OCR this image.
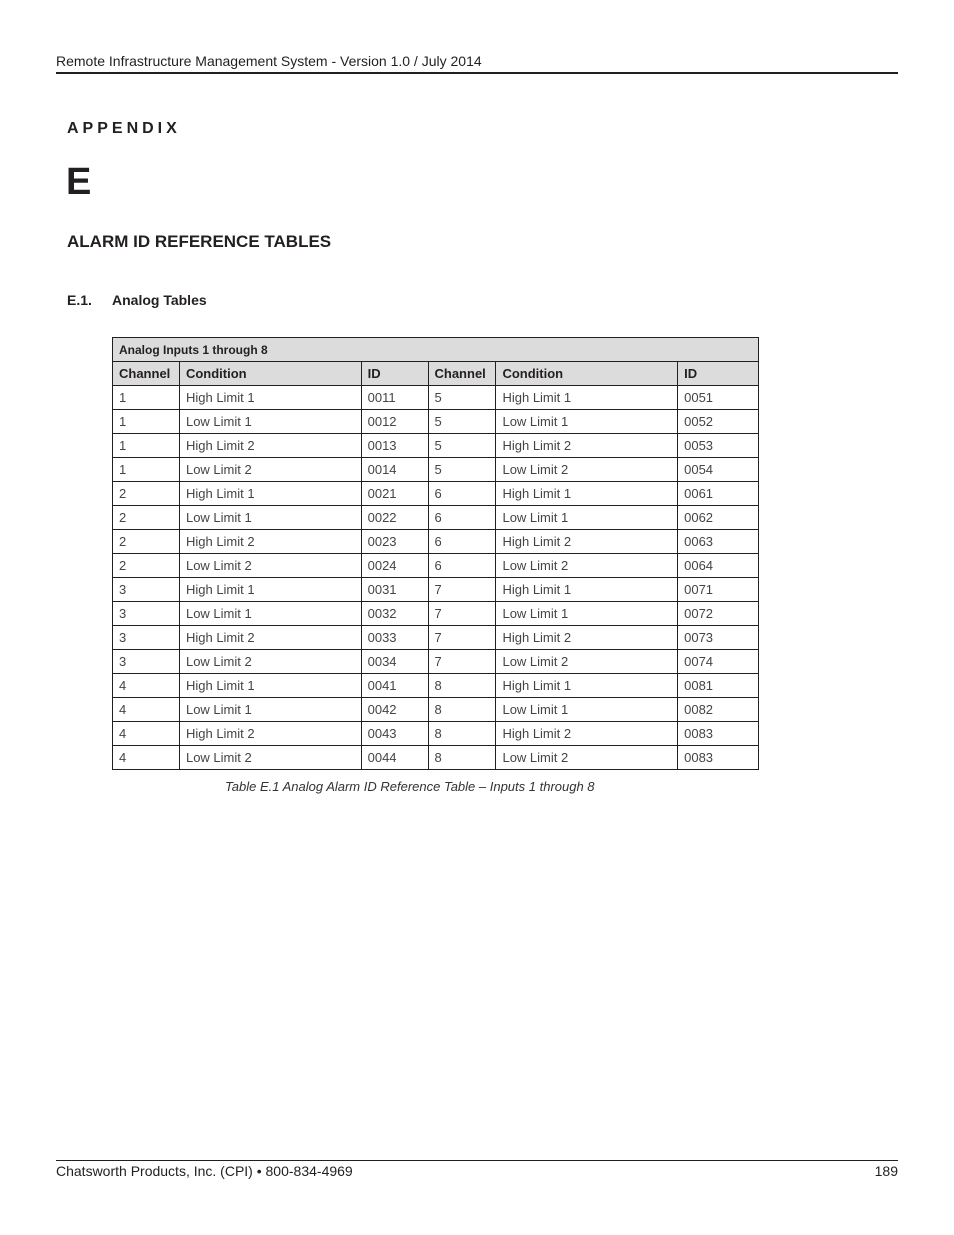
Remote Infrastructure Management System - Version 1.0 / July 2014
APPENDIX
E
ALARM ID REFERENCE TABLES
E.1. Analog Tables
Analog Inputs 1 through 8					
Channel	Condition	ID	Channel	Condition	ID
1	High Limit 1	0011	5	High Limit 1	0051
1	Low Limit 1	0012	5	Low Limit 1	0052
1	High Limit 2	0013	5	High Limit 2	0053
1	Low Limit 2	0014	5	Low Limit 2	0054
2	High Limit 1	0021	6	High Limit 1	0061
2	Low Limit 1	0022	6	Low Limit 1	0062
2	High Limit 2	0023	6	High Limit 2	0063
2	Low Limit 2	0024	6	Low Limit 2	0064
3	High Limit 1	0031	7	High Limit 1	0071
3	Low Limit 1	0032	7	Low Limit 1	0072
3	High Limit 2	0033	7	High Limit 2	0073
3	Low Limit 2	0034	7	Low Limit 2	0074
4	High Limit 1	0041	8	High Limit 1	0081
4	Low Limit 1	0042	8	Low Limit 1	0082
4	High Limit 2	0043	8	High Limit 2	0083
4	Low Limit 2	0044	8	Low Limit 2	0083
Table E.1 Analog Alarm ID Reference Table – Inputs 1 through 8
Chatsworth Products, Inc. (CPI) • 800-834-4969	189
